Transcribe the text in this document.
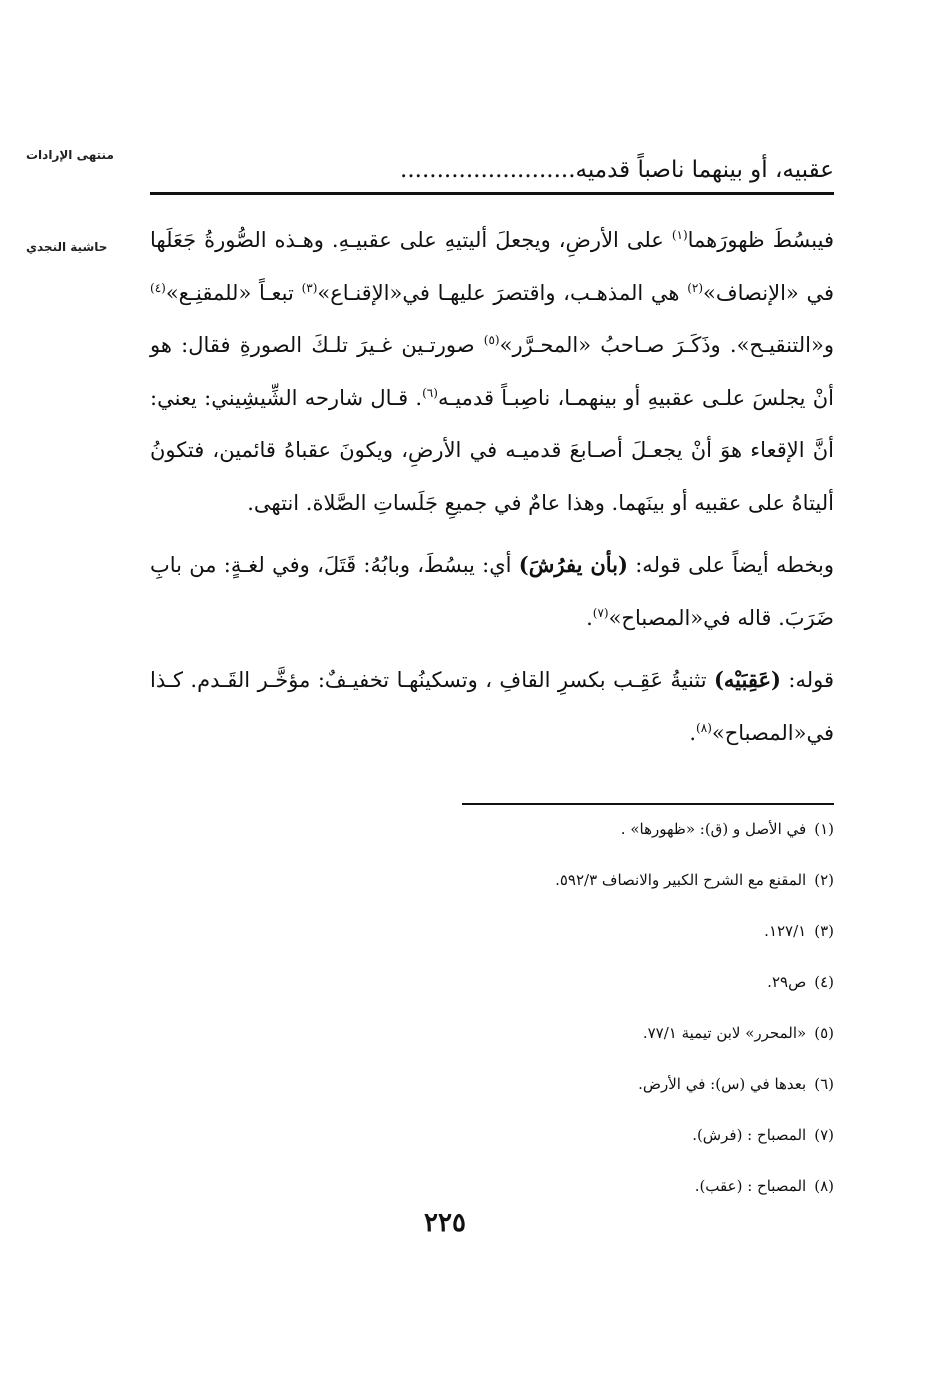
منتهى الإرادات
حاشية النجدي
عقبيه، أو بينهما ناصباً قدميه........................

فيبسُطَ ظهورَهما$^{(١)}$ على الأرضِ، ويجعلَ أليتيهِ على عقبيـهِ. وهـذه الصُّورةُ جَعَلَها في «الإنصاف»$^{(٢)}$ هي المذهـب، واقتصرَ عليهـا في«الإقنـاع»$^{(٣)}$ تبعـاً «للمقنِـع»$^{(٤)}$ و«التنقيـح». وذَكَـرَ صـاحبُ «المحـرَّر»$^{(٥)}$ صورتـين غـيرَ تلـكَ الصورةِ فقال: هو أنْ يجلسَ علـى عقبيهِ أو بينهمـا، ناصِبـاً قدميـه$^{(٦)}$. قـال شارحه الشِّيشِيني: يعني: أنَّ الإقعاء هوَ أنْ يجعـلَ أصـابعَ قدميـه في الأرضِ، ويكونَ عقباهُ قائمين، فتكونُ أليتاهُ على عقبيه أو بينَهما. وهذا عامٌ في جميعِ جَلَساتِ الصَّلاة. انتهى.

وبخطه أيضاً على قوله: (بأن يفرُشَ) أي: يبسُطَ، وبابُهُ: قَتَلَ، وفي لغـةٍ: من بابِ ضَرَبَ. قاله في«المصباح»$^{(٧)}$.

قوله: (عَقِبَيْه) تثنيةُ عَقِـب بكسرِ القافِ ، وتسكينُهـا تخفيـفٌ: مؤخَّـر القَـدم. كـذا في«المصباح»$^{(٨)}$.

(١)في الأصل و (ق): «ظهورها» .
(٢)المقنع مع الشرح الكبير والانصاف ٥٩٢/٣.
(٣)١٢٧/١.
(٤)ص٢٩.
(٥)«المحرر» لابن تيمية ٧٧/١.
(٦)بعدها في (س): في الأرض.
(٧)المصباح : (فرش).
(٨)المصباح : (عقب).
٢٢٥
